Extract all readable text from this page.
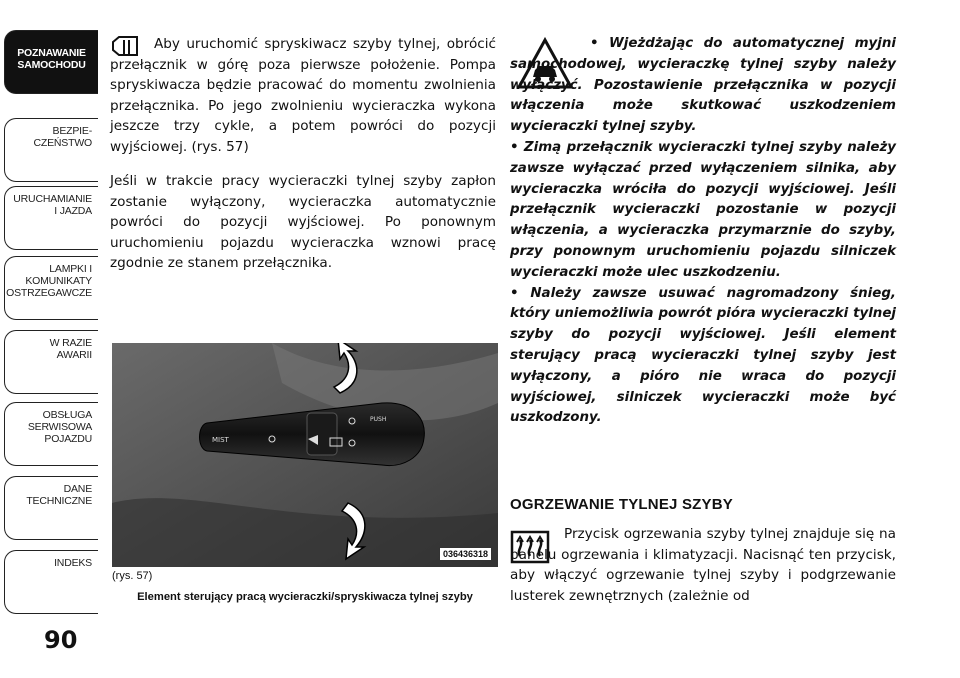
POZNAWANIE
SAMOCHODU
BEZPIE-
CZEŃSTWO
URUCHAMIANIE
I JAZDA
LAMPKI I
KOMUNIKATY
OSTRZEGAWCZE
W RAZIE
AWARII
OBSŁUGA
SERWISOWA
POJAZDU
DANE
TECHNICZNE
INDEKS
90

Aby uruchomić spryskiwacz szyby tylnej, obrócić przełącznik w górę poza pierwsze położenie. Pompa spryskiwacza będzie pracować do momentu zwolnienia przełącznika. Po jego zwolnieniu wycieraczka wykona jeszcze trzy cykle, a potem powróci do pozycji wyjściowej. (rys. 57)

Jeśli w trakcie pracy wycieraczki tylnej szyby zapłon zostanie wyłączony, wycieraczka automatycznie powróci do pozycji wyjściowej. Po ponownym uruchomieniu pojazdu wycieraczka wznowi pracę zgodnie ze stanem przełącznika.

MIST
PUSH
036436318
(rys. 57)
Element sterujący pracą wycieraczki/spryskiwacza tylnej szyby

• Wjeżdżając do automatycznej myjni samochodowej, wycieraczkę tylnej szyby należy wyłączyć. Pozostawienie przełącznika w pozycji włączenia może skutkować uszkodzeniem wycieraczki tylnej szyby.

• Zimą przełącznik wycieraczki tylnej szyby należy zawsze wyłączać przed wyłączeniem silnika, aby wycieraczka wróciła do pozycji wyjściowej. Jeśli przełącznik wycieraczki pozostanie w pozycji włączenia, a wycieraczka przymarznie do szyby, przy ponownym uruchomieniu pojazdu silniczek wycieraczki może ulec uszkodzeniu.

• Należy zawsze usuwać nagromadzony śnieg, który uniemożliwia powrót pióra wycieraczki tylnej szyby do pozycji wyjściowej. Jeśli element sterujący pracą wycieraczki tylnej szyby jest wyłączony, a pióro nie wraca do pozycji wyjściowej, silniczek wycieraczki może być uszkodzony.

OGRZEWANIE TYLNEJ SZYBY

Przycisk ogrzewania szyby tylnej znajduje się na panelu ogrzewania i klimatyzacji. Nacisnąć ten przycisk, aby włączyć ogrzewanie tylnej szyby i podgrzewanie lusterek zewnętrznych (zależnie od
